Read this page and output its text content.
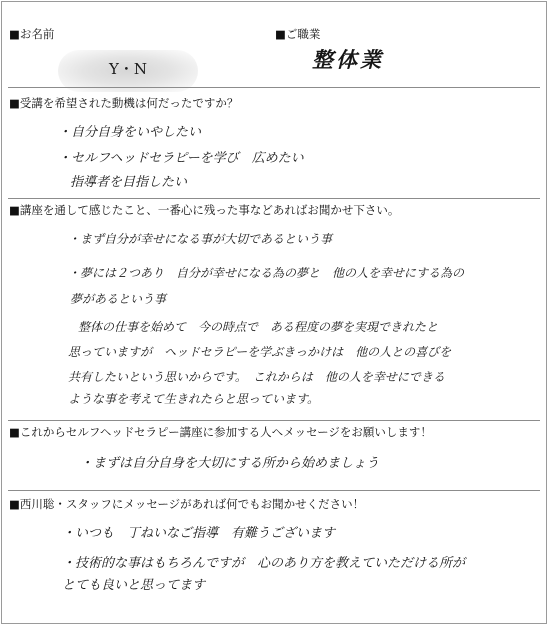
■お名前
Y・N
■ご職業
整体業
■受講を希望された動機は何だったですか？
・自分自身をいやしたい
・セルフヘッドセラピーを学び　広めたい
指導者を目指したい
■講座を通して感じたこと、一番心に残った事などあればお聞かせ下さい。
・まず自分が幸せになる事が大切であるという事
・夢には２つあり　自分が幸せになる為の夢と　他の人を幸せにする為の
夢があるという事
整体の仕事を始めて　今の時点で　ある程度の夢を実現できれたと
思っていますが　ヘッドセラピーを学ぶきっかけは　他の人との喜びを
共有したいという思いからです。　これからは　他の人を幸せにできる
ような事を考えて生きれたらと思っています。
■これからセルフヘッドセラピー講座に参加する人へメッセージをお願いします！
・まずは自分自身を大切にする所から始めましょう
■西川聡・スタッフにメッセージがあれば何でもお聞かせください！
・いつも　丁ねいなご指導　有難うございます
・技術的な事はもちろんですが　心のあり方を教えていただける所が
とても良いと思ってます
